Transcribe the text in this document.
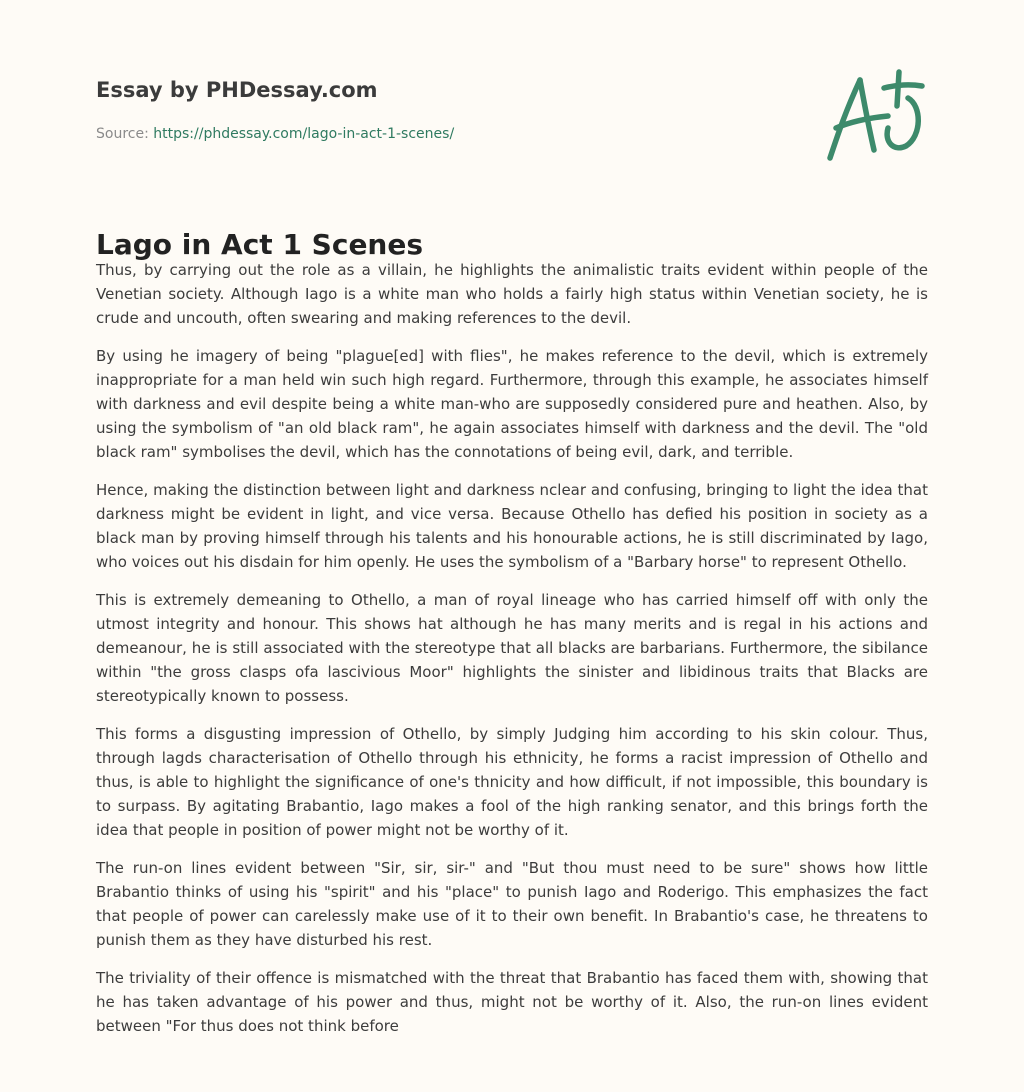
Essay by PHDessay.com
Source: https://phdessay.com/lago-in-act-1-scenes/
Lago in Act 1 Scenes

Thus, by carrying out the role as a villain, he highlights the animalistic traits evident within people of the Venetian society. Although Iago is a white man who holds a fairly high status within Venetian society, he is crude and uncouth, often swearing and making references to the devil.

By using he imagery of being "plague[ed] with flies", he makes reference to the devil, which is extremely inappropriate for a man held win such high regard. Furthermore, through this example, he associates himself with darkness and evil despite being a white man-who are supposedly considered pure and heathen. Also, by using the symbolism of "an old black ram", he again associates himself with darkness and the devil. The "old black ram" symbolises the devil, which has the connotations of being evil, dark, and terrible.

Hence, making the distinction between light and darkness nclear and confusing, bringing to light the idea that darkness might be evident in light, and vice versa. Because Othello has defied his position in society as a black man by proving himself through his talents and his honourable actions, he is still discriminated by Iago, who voices out his disdain for him openly. He uses the symbolism of a "Barbary horse" to represent Othello.

This is extremely demeaning to Othello, a man of royal lineage who has carried himself off with only the utmost integrity and honour. This shows hat although he has many merits and is regal in his actions and demeanour, he is still associated with the stereotype that all blacks are barbarians. Furthermore, the sibilance within "the gross clasps ofa lascivious Moor" highlights the sinister and libidinous traits that Blacks are stereotypically known to possess.

This forms a disgusting impression of Othello, by simply Judging him according to his skin colour. Thus, through lagds characterisation of Othello through his ethnicity, he forms a racist impression of Othello and thus, is able to highlight the significance of one's thnicity and how difficult, if not impossible, this boundary is to surpass. By agitating Brabantio, Iago makes a fool of the high ranking senator, and this brings forth the idea that people in position of power might not be worthy of it.

The run-on lines evident between "Sir, sir, sir-" and "But thou must need to be sure" shows how little Brabantio thinks of using his "spirit" and his "place" to punish Iago and Roderigo. This emphasizes the fact that people of power can carelessly make use of it to their own benefit. In Brabantio's case, he threatens to punish them as they have disturbed his rest.

The triviality of their offence is mismatched with the threat that Brabantio has faced them with, showing that he has taken advantage of his power and thus, might not be worthy of it. Also, the run-on lines evident between "For thus does not think before
